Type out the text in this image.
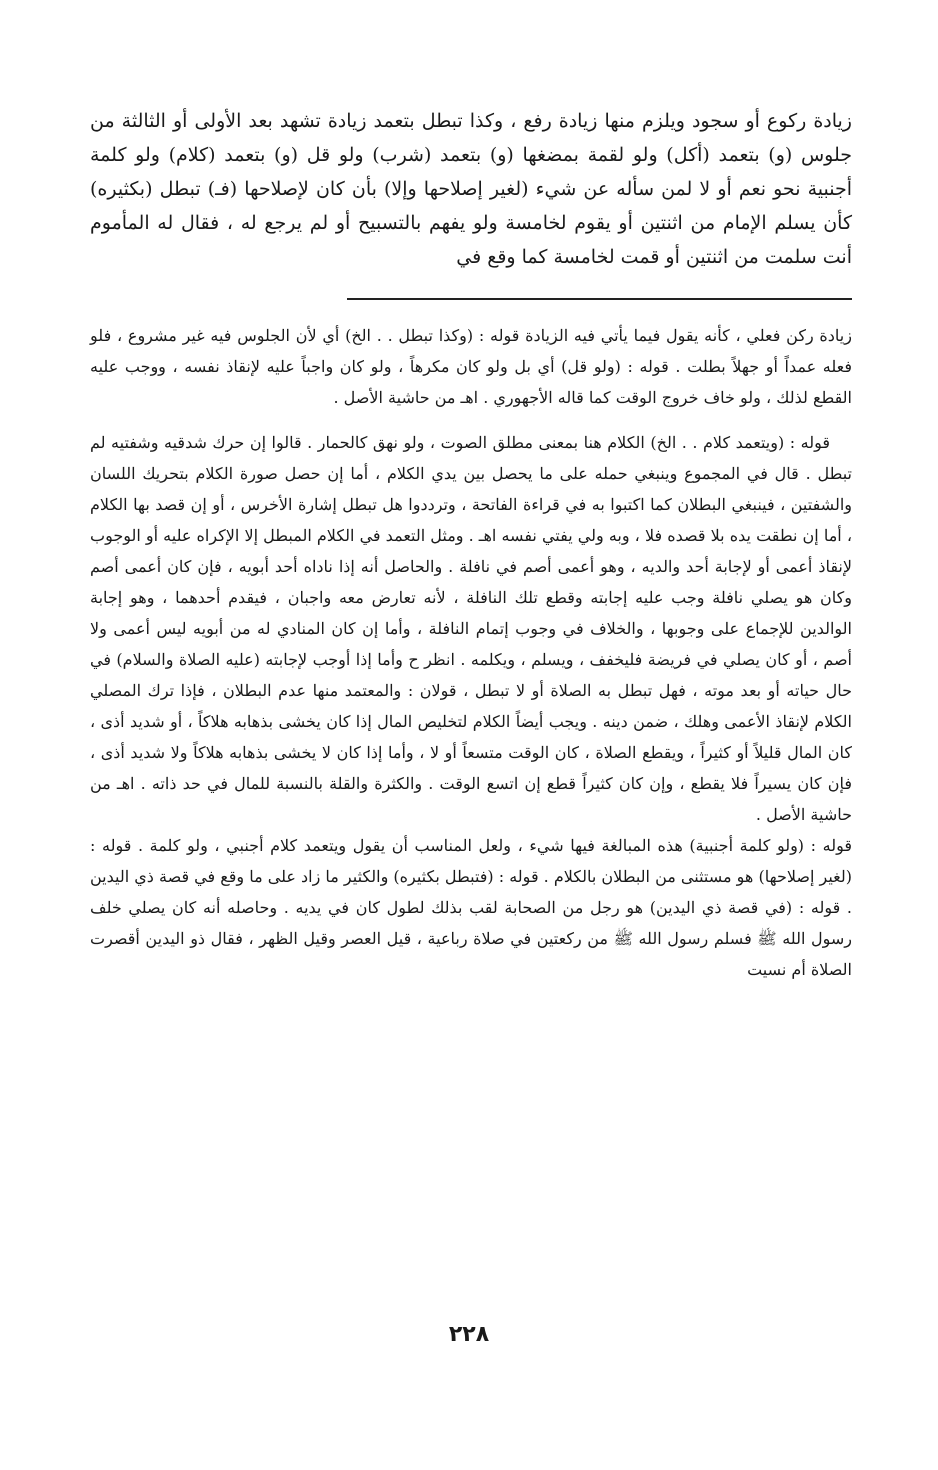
زيادة ركوع أو سجود ويلزم منها زيادة رفع ، وكذا تبطل بتعمد زيادة تشهد بعد الأولى أو الثالثة من جلوس (و) بتعمد (أكل) ولو لقمة بمضغها (و) بتعمد (شرب) ولو قل (و) بتعمد (كلام) ولو كلمة أجنبية نحو نعم أو لا لمن سأله عن شيء (لغير إصلاحها وإلا) بأن كان لإصلاحها (فـ) تبطل (بكثيره) كأن يسلم الإمام من اثنتين أو يقوم لخامسة ولو يفهم بالتسبيح أو لم يرجع له ، فقال له المأموم أنت سلمت من اثنتين أو قمت لخامسة كما وقع في

زيادة ركن فعلي ، كأنه يقول فيما يأتي فيه الزيادة قوله : (وكذا تبطل . . الخ) أي لأن الجلوس فيه غير مشروع ، فلو فعله عمداً أو جهلاً بطلت . قوله : (ولو قل) أي بل ولو كان مكرهاً ، ولو كان واجباً عليه لإنقاذ نفسه ، ووجب عليه القطع لذلك ، ولو خاف خروج الوقت كما قاله الأجهوري . اهـ من حاشية الأصل .

قوله : (ويتعمد كلام . . الخ) الكلام هنا بمعنى مطلق الصوت ، ولو نهق كالحمار . قالوا إن حرك شدقيه وشفتيه لم تبطل . قال في المجموع وينبغي حمله على ما يحصل بين يدي الكلام ، أما إن حصل صورة الكلام بتحريك اللسان والشفتين ، فينبغي البطلان كما اكتبوا به في قراءة الفاتحة ، وترددوا هل تبطل إشارة الأخرس ، أو إن قصد بها الكلام ، أما إن نطقت يده بلا قصده فلا ، وبه ولي يفتي نفسه اهـ . ومثل التعمد في الكلام المبطل إلا الإكراه عليه أو الوجوب لإنقاذ أعمى أو لإجابة أحد والديه ، وهو أعمى أصم في نافلة . والحاصل أنه إذا ناداه أحد أبويه ، فإن كان أعمى أصم وكان هو يصلي نافلة وجب عليه إجابته وقطع تلك النافلة ، لأنه تعارض معه واجبان ، فيقدم أحدهما ، وهو إجابة الوالدين للإجماع على وجوبها ، والخلاف في وجوب إتمام النافلة ، وأما إن كان المنادي له من أبويه ليس أعمى ولا أصم ، أو كان يصلي في فريضة فليخفف ، ويسلم ، ويكلمه . انظر ح وأما إذا أوجب لإجابته (عليه الصلاة والسلام) في حال حياته أو بعد موته ، فهل تبطل به الصلاة أو لا تبطل ، قولان : والمعتمد منها عدم البطلان ، فإذا ترك المصلي الكلام لإنقاذ الأعمى وهلك ، ضمن دينه . ويجب أيضاً الكلام لتخليص المال إذا كان يخشى بذهابه هلاكاً ، أو شديد أذى ، كان المال قليلاً أو كثيراً ، ويقطع الصلاة ، كان الوقت متسعاً أو لا ، وأما إذا كان لا يخشى بذهابه هلاكاً ولا شديد أذى ، فإن كان يسيراً فلا يقطع ، وإن كان كثيراً قطع إن اتسع الوقت . والكثرة والقلة بالنسبة للمال في حد ذاته . اهـ من حاشية الأصل .

قوله : (ولو كلمة أجنبية) هذه المبالغة فيها شيء ، ولعل المناسب أن يقول ويتعمد كلام أجنبي ، ولو كلمة . قوله : (لغير إصلاحها) هو مستثنى من البطلان بالكلام . قوله : (فتبطل بكثيره) والكثير ما زاد على ما وقع في قصة ذي اليدين . قوله : (في قصة ذي اليدين) هو رجل من الصحابة لقب بذلك لطول كان في يديه . وحاصله أنه كان يصلي خلف رسول الله ﷺ فسلم رسول الله ﷺ من ركعتين في صلاة رباعية ، قيل العصر وقيل الظهر ، فقال ذو اليدين أقصرت الصلاة أم نسيت

٢٢٨
